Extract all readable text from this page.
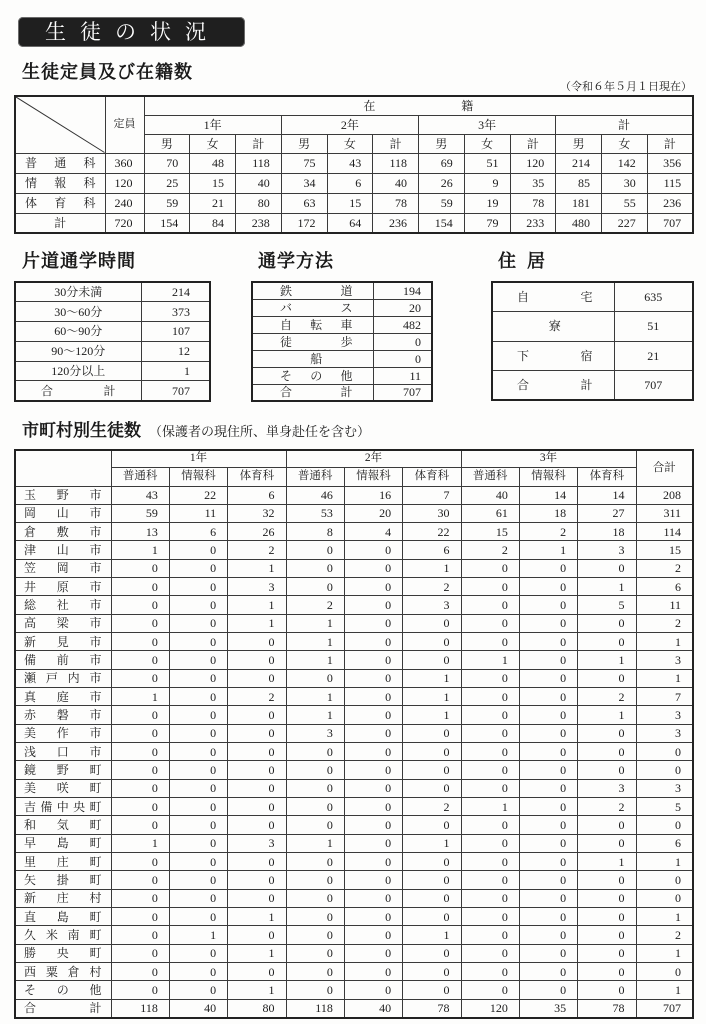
生徒の状況
生徒定員及び在籍数
（令和６年５月１日現在）
	定員	在籍											

		1年			2年			3年			計		
		男	女	計	男	女	計	男	女	計	男	女	計

普通科	360	70	48	118	75	43	118	69	51	120	214	142	356

情報科	120	25	15	40	34	6	40	26	9	35	85	30	115

体育科	240	59	21	80	63	15	78	59	19	78	181	55	236

計	720	154	84	238	172	64	236	154	79	233	480	227	707
片道通学時間	通学方法	住居
30分未満	214
30～60分	373
60～90分	107
90～120分	12
120分以上	1

合計	707
鉄道	194

バス	20

自転車	482

徒歩	0

船	0

その他	11

合計	707
自宅	635

寮	51

下宿	21

合計	707
市町村別生徒数 （保護者の現住所、単身赴任を含む）
	1年			2年			3年			合計
	普通科	情報科	体育科	普通科	情報科	体育科	普通科	情報科	体育科	

玉野市	43	22	6	46	16	7	40	14	14	208

岡山市	59	11	32	53	20	30	61	18	27	311

倉敷市	13	6	26	8	4	22	15	2	18	114

津山市	1	0	2	0	0	6	2	1	3	15

笠岡市	0	0	1	0	0	1	0	0	0	2

井原市	0	0	3	0	0	2	0	0	1	6

総社市	0	0	1	2	0	3	0	0	5	11

高梁市	0	0	1	1	0	0	0	0	0	2

新見市	0	0	0	1	0	0	0	0	0	1

備前市	0	0	0	1	0	0	1	0	1	3

瀬戸内市	0	0	0	0	0	1	0	0	0	1

真庭市	1	0	2	1	0	1	0	0	2	7

赤磐市	0	0	0	1	0	1	0	0	1	3

美作市	0	0	0	3	0	0	0	0	0	3

浅口市	0	0	0	0	0	0	0	0	0	0

鏡野町	0	0	0	0	0	0	0	0	0	0

美咲町	0	0	0	0	0	0	0	0	3	3

吉備中央町	0	0	0	0	0	2	1	0	2	5

和気町	0	0	0	0	0	0	0	0	0	0

早島町	1	0	3	1	0	1	0	0	0	6

里庄町	0	0	0	0	0	0	0	0	1	1

矢掛町	0	0	0	0	0	0	0	0	0	0

新庄村	0	0	0	0	0	0	0	0	0	0

直島町	0	0	1	0	0	0	0	0	0	1

久米南町	0	1	0	0	0	1	0	0	0	2

勝央町	0	0	1	0	0	0	0	0	0	1

西粟倉村	0	0	0	0	0	0	0	0	0	0

その他	0	0	1	0	0	0	0	0	0	1

合計	118	40	80	118	40	78	120	35	78	707
